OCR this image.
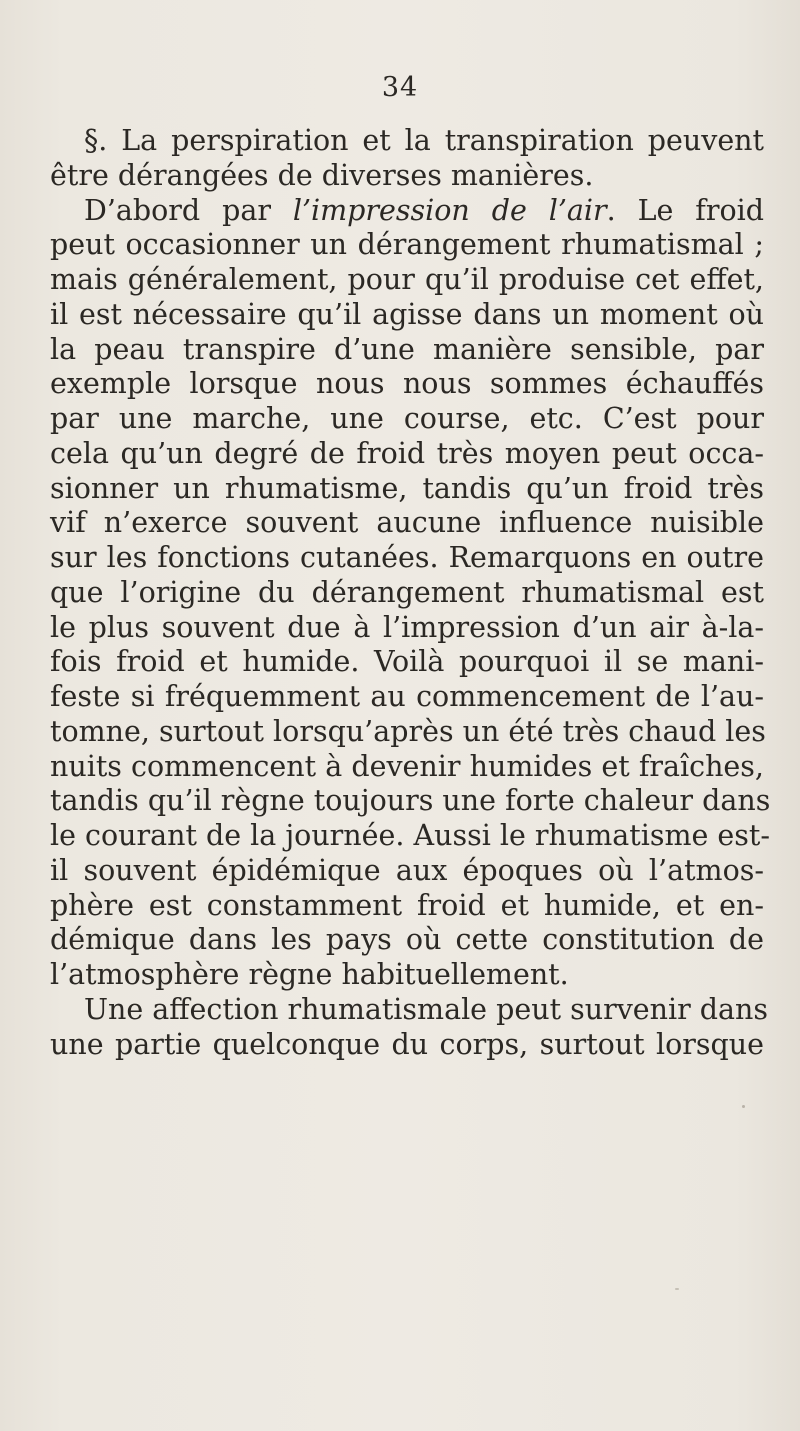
34
§. La perspiration et la transpiration peuvent
être dérangées de diverses manières.
D’abord par l’impression de l’air. Le froid
peut occasionner un dérangement rhumatismal ;
mais généralement, pour qu’il produise cet effet,
il est nécessaire qu’il agisse dans un moment où
la peau transpire d’une manière sensible, par
exemple lorsque nous nous sommes échauffés
par une marche, une course, etc. C’est pour
cela qu’un degré de froid très moyen peut occa-
sionner un rhumatisme, tandis qu’un froid très
vif n’exerce souvent aucune influence nuisible
sur les fonctions cutanées. Remarquons en outre
que l’origine du dérangement rhumatismal est
le plus souvent due à l’impression d’un air à-la-
fois froid et humide. Voilà pourquoi il se mani-
feste si fréquemment au commencement de l’au-
tomne, surtout lorsqu’après un été très chaud les
nuits commencent à devenir humides et fraîches,
tandis qu’il règne toujours une forte chaleur dans
le courant de la journée. Aussi le rhumatisme est-
il souvent épidémique aux époques où l’atmos-
phère est constamment froid et humide, et en-
démique dans les pays où cette constitution de
l’atmosphère règne habituellement.
Une affection rhumatismale peut survenir dans
une partie quelconque du corps, surtout lorsque
